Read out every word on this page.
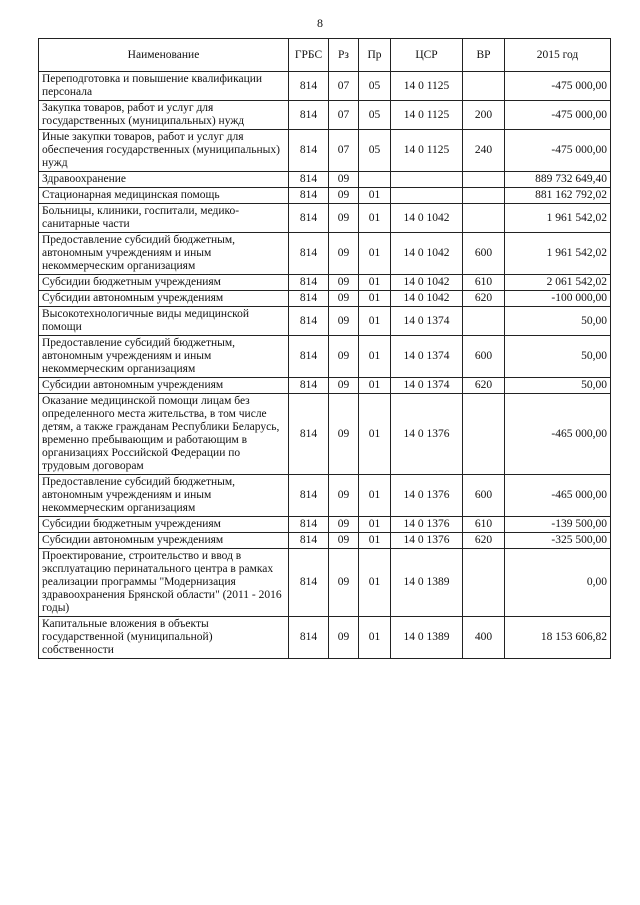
8
Наименование	ГРБС	Рз	Пр	ЦСР	ВР	2015 год
Переподготовка и повышение квалификации персонала	814	07	05	14 0 1125		-475 000,00
Закупка товаров, работ и услуг для государственных (муниципальных) нужд	814	07	05	14 0 1125	200	-475 000,00
Иные закупки товаров, работ и услуг для обеспечения государственных (муниципальных) нужд	814	07	05	14 0 1125	240	-475 000,00
Здравоохранение	814	09				889 732 649,40
Стационарная медицинская помощь	814	09	01			881 162 792,02
Больницы, клиники, госпитали, медико-санитарные части	814	09	01	14 0 1042		1 961 542,02
Предоставление субсидий бюджетным, автономным учреждениям и иным некоммерческим организациям	814	09	01	14 0 1042	600	1 961 542,02
Субсидии бюджетным учреждениям	814	09	01	14 0 1042	610	2 061 542,02
Субсидии автономным учреждениям	814	09	01	14 0 1042	620	-100 000,00
Высокотехнологичные виды медицинской помощи	814	09	01	14 0 1374		50,00
Предоставление субсидий бюджетным, автономным учреждениям и иным некоммерческим организациям	814	09	01	14 0 1374	600	50,00
Субсидии автономным учреждениям	814	09	01	14 0 1374	620	50,00
Оказание медицинской помощи лицам без определенного места жительства, в том числе детям, а также гражданам Республики Беларусь, временно пребывающим и работающим в организациях Российской Федерации по трудовым договорам	814	09	01	14 0 1376		-465 000,00
Предоставление субсидий бюджетным, автономным учреждениям и иным некоммерческим организациям	814	09	01	14 0 1376	600	-465 000,00
Субсидии бюджетным учреждениям	814	09	01	14 0 1376	610	-139 500,00
Субсидии автономным учреждениям	814	09	01	14 0 1376	620	-325 500,00
Проектирование, строительство и ввод в эксплуатацию перинатального центра в рамках реализации программы "Модернизация здравоохранения Брянской области" (2011 - 2016 годы)	814	09	01	14 0 1389		0,00
Капитальные вложения в объекты государственной (муниципальной) собственности	814	09	01	14 0 1389	400	18 153 606,82
